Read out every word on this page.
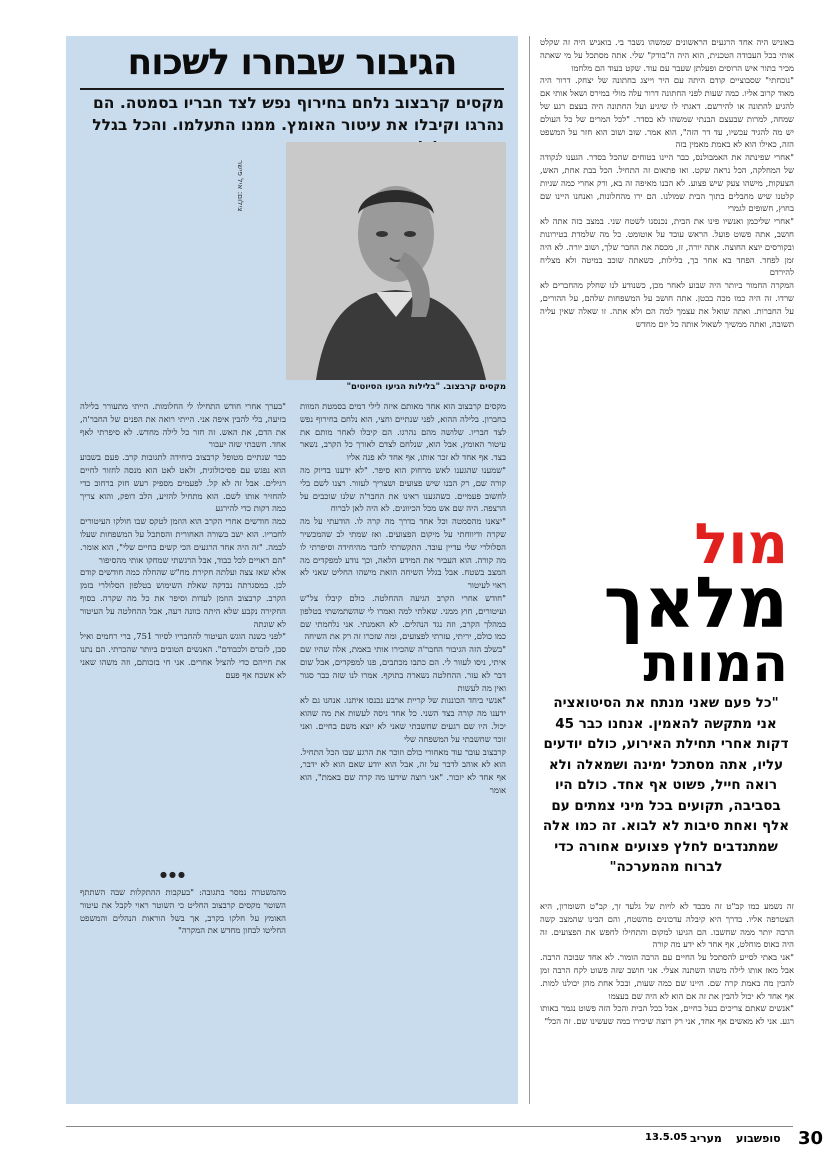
באוניש היה אחד הרגעים הראשונים שמשהו נשבר בי. בואניש היה זה שקלט אותי בכל העבודה הטכנית, הוא היה ה"בודק" שלי. אתה מסתכל על מי שאתה מכיר בתור איש הרוסים ופעלתן שעבר עם עוד. שקט בעוד הם מלחמו

"נוכחתי" שסבוציים קודם היתה עם היר וייצג בחתונה של יצחק. דרור היה מאוד קרוב אליו. כמה שעות לפני החתונה דרור עלה מולי במירס ושאל אותי אם להגיע להתונה או להירשם. דאגתי לו שיגיע ועל החתונה היה בעצם רגע של שמחה, למרות שבעצם הבנתי שמשהו לא בסדר. "לכל המרים של כל העולם יש מה להגיד עכשיו, עד דר הזה", הוא אמר. שוב ושוב הוא חזר על המשפט הזה, כאילו הוא לא באמת מאמין בזה

"אחרי שפינתה את האמבולנס, כבר היינו בטוחים שהכל בסדר. הגענו לנקודה של המחלקה, הכל נראה שקט. ואז פתאום זה התחיל. הכל בבת אחת, האש, הצעקות, מישהו צעק שיש פצוע. לא הבנו מאיפה זה בא, ורק אחרי כמה שניות קלטנו שיש מחבלים בתוך הבית שמולנו. הם ירו מהחלונות, ואנחנו היינו שם בחוץ, חשופים לגמרי

"אחרי שליכמן ואנשיו פינו את הבית, נכנסנו לשטח שני. במצב כזה אתה לא חושב, אתה פשוט פועל. הראש עובד על אוטומט. כל מה שלמדת בטירונות ובקורסים יוצא החוצה. אתה יורה, זז, מכסה את החבר שלך, ושוב יורה. לא היה זמן לפחד. הפחד בא אחר כך, בלילות, כשאתה שוכב במיטה ולא מצליח להירדם

המקרה החמור ביותר היה שבוע לאחר מכן, כשנודע לנו שחלק מהחברים לא שרדו. זה היה כמו מכה בבטן. אתה חושב על המשפחות שלהם, על ההורים, על החברות. ואתה שואל את עצמך למה הם ולא אתה. זו שאלה שאין עליה תשובה, ואתה ממשיך לשאול אותה כל יום מחדש

מול
מלאך
המוות
"כל פעם שאני מנתח את הסיטואציה אני מתקשה להאמין. אנחנו כבר 45 דקות אחרי תחילת האירוע, כולם יודעים עליו, אתה מסתכל ימינה ושמאלה ולא רואה חייל, פשוט אף אחד. כולם היו בסביבה, תקועים בכל מיני צמתים עם אלף ואחת סיבות לא לבוא. זה כמו אלה שמתנדבים לחלץ פצועים אחורה כדי לברוח מהמערכה"

זה נשמע כמו קב"ט זה מכבד לא לויות של גלעד זך, קב"ט השומרון, היא הצטרפה אליו. בדרך היא קיבלה עדכונים מהשטח, והם הבינו שהמצב קשה הרבה יותר ממה שחשבו. הם הגיעו למקום והתחילו לחפש את הפצועים. זה היה כאוס מוחלט, אף אחד לא ידע מה קורה

"אני באתי לסייע להסתכל על החיים עם הרבה הומור. לא אחד שבוכה הרבה. אבל מאז אותו לילה משהו השתנה אצלי. אני חושב שזה פשוט לקח הרבה זמן להבין מה באמת קרה שם. היינו שם כמה שעות, ובכל אחת מהן יכולנו למות. אף אחד לא יכול להבין את זה אם הוא לא היה שם בעצמו

"אנשים שאתם צריכים בעל בחיים, אבל בכל הבית והכל הזה פשוט נגמר באותו רגע. אני לא מאשים אף אחד, אני רק רוצה שיכירו במה שעשינו שם. זה הכל"

הגיבור שבחרו לשכוח
מקסים קרבצוב נלחם בחירוף נפש לצד חבריו בסמטה. הם נהרגו וקיבלו את עיטור האומץ. ממנו התעלמו. והכל בגלל
צילום: איל פישר
מקסים קרבצוב. "בלילות הגיעו הסיוטים"

מקסים קרבצוב הוא אחד מאותם איזה לילי דמים בסמטת המוות בחברון. בלילה ההוא, לפני שנתיים וחצי, הוא נלחם בחירוף נפש לצד חבריו. שלושה מהם נהרגו. הם קיבלו לאחר מותם את עיטור האומץ, אבל הוא, שנלחם לצדם לאורך כל הקרב, נשאר בצד. אף אחד לא זכר אותו, אף אחד לא פנה אליו

"שמענו שהגענו לאש מרחוק הוא סיפר. "לא ידענו בדיוק מה קורה שם, רק הבנו שיש פצועים ושצריך לעזור. רצנו לשם בלי לחשוב פעמיים. כשהגענו ראינו את החבר'ה שלנו שוכבים על הרצפה. היה שם אש מכל הכיוונים. לא היה לאן לברוח

"יצאנו מהסמטה וכל אחד בדרך מה קרה לו. הודעתי על מה שקרה ודיווחתי על מיקום הפצועים. ואז שמתי לב שהמכשיר הסלולרי שלי עדיין עובד. התקשרתי לחבר מהיחידה וסיפרתי לו מה קורה. הוא העביר את המידע הלאה, וכך נודע למפקדים מה המצב בשטח. אבל בגלל השיחה הזאת מישהו החליט שאני לא ראוי לעיטור

"חודש אחרי הקרב הגיעה ההחלטה. כולם קיבלו צל"ש ועיטורים, חוץ ממני. שאלתי למה ואמרו לי שהשתמשתי בטלפון במהלך הקרב, וזה נגד הנהלים. לא האמנתי. אני נלחמתי שם כמו כולם, יריתי, עזרתי לפצועים, ומה שזכרו זה רק את השיחה

"בשלב הזה הגיבור החבר'ה שהכירו אותי באמת, אלה שהיו שם איתי, ניסו לעזור לי. הם כתבו מכתבים, פנו למפקדים, אבל שום דבר לא עזר. ההחלטה נשארה בתוקף. אמרו לנו שזה כבר סגור ואין מה לעשות

"אנשי ביחד הכוננות של קריית ארבע נכנסו איתנו. אנחנו גם לא ידענו מה קורה בצד השני. כל אחד ניסה לעשות את מה שהוא יכול. היו שם רגעים שחשבתי שאני לא יוצא משם בחיים. ואני זוכר שחשבתי על המשפחה שלי

קרבצוב עובר עוד מאחורי כולם וזוכר את הרגע שבו הכל התחיל. הוא לא אוהב לדבר על זה, אבל הוא יודע שאם הוא לא ידבר, אף אחד לא יזכור. "אני רוצה שידעו מה קרה שם באמת", הוא אומר

"בערך אחרי חודש התחילו לי החלומות. הייתי מתעורר בלילה בזיעה, בלי להבין איפה אני. הייתי רואה את הפנים של החבר'ה, את הדם, את האש. זה חזר כל לילה מחדש. לא סיפרתי לאף אחד. חשבתי שזה יעבור

כבר שנתיים מטופל קרבצוב ביחידה לתגובות קרב. פעם בשבוע הוא נפגש עם פסיכולוגית, ולאט לאט הוא מנסה לחזור לחיים רגילים. אבל זה לא קל. לפעמים מספיק רעש חזק ברחוב כדי להחזיר אותו לשם. הוא מתחיל להזיע, הלב דופק, והוא צריך כמה דקות כדי להירגע

כמה חודשים אחרי הקרב הוא הוזמן לטקס שבו חולקו העיטורים לחבריו. הוא ישב בשורה האחורית והסתכל על המשפחות שעלו לבמה. "זה היה אחד הרגעים הכי קשים בחיים שלי", הוא אומר. "הם ראויים לכל כבוד, אבל הרגשתי שמחקו אותי מהסיפור

אלא שאז צצה ועלתה חקירת מח"ש שהחלה כמה חודשים קודם לכן. במסגרתה נבדקה שאלת השימוש בטלפון הסלולרי בזמן הקרב. קרבצוב הוזמן לעדות וסיפר את כל מה שקרה. בסוף החקירה נקבע שלא היתה כוונה רעה, אבל ההחלטה על העיטור לא שונתה

"לפני כשנה הוגש העיטור להחבריו לסיור 751, ברי רחמים ואיל סבן, לזכרם ולכבודם". האנשים הטובים ביותר שהכרתי. הם נתנו את חייהם כדי להציל אחרים. אני חי בזכותם, וזה משהו שאני לא אשכח אף פעם

●●●

מהמשטרה נמסר בתגובה: "בעקבות ההתקלות שבה השתתף השוטר מקסים קרבצוב החליט כי השוטר ראוי לקבל את עיטור האומץ על חלקו בקרב, אך בשל הוראות הנהלים והמשפט החליטו לבחון מחדש את המקרה"

30
סופשבוע
מעריב
13.5.05
